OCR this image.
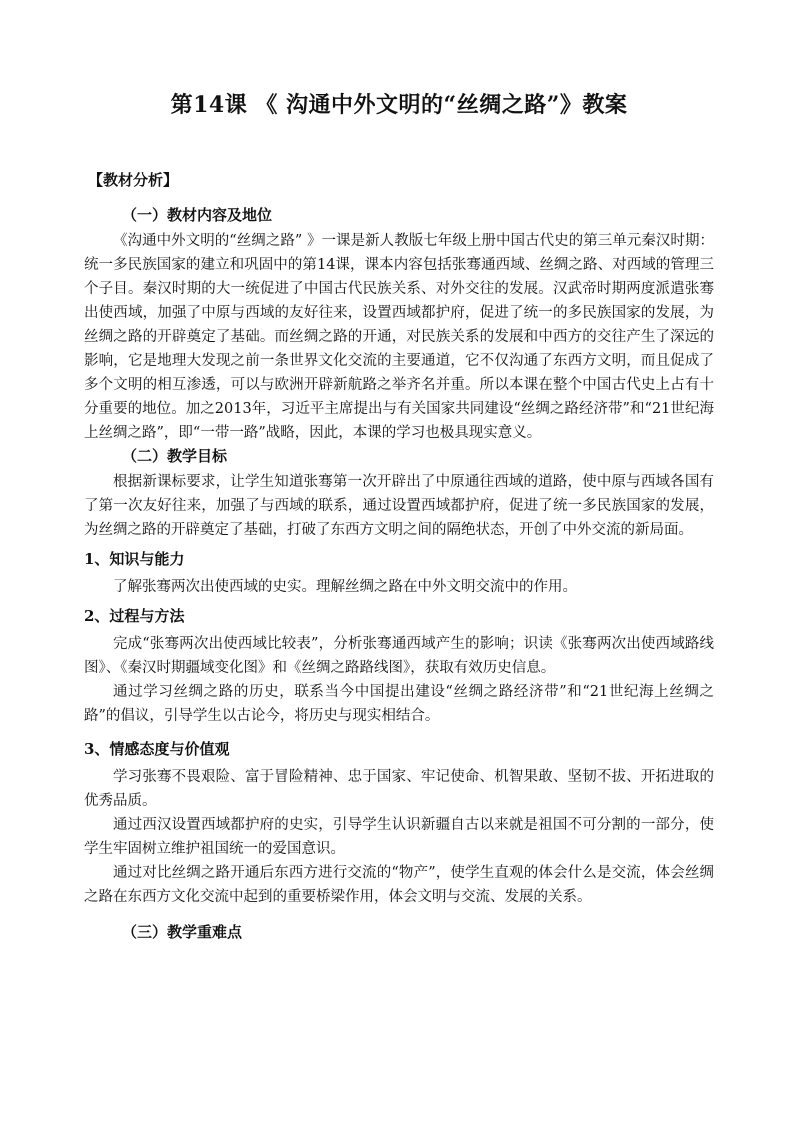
第14课 《 沟通中外文明的“丝绸之路”》教案
【教材分析】
（一）教材内容及地位

《沟通中外文明的“丝绸之路” 》一课是新人教版七年级上册中国古代史的第三单元秦汉时期：统一多民族国家的建立和巩固中的第14课，课本内容包括张骞通西域、丝绸之路、对西域的管理三个子目。秦汉时期的大一统促进了中国古代民族关系、对外交往的发展。汉武帝时期两度派遣张骞出使西域，加强了中原与西域的友好往来，设置西域都护府，促进了统一的多民族国家的发展，为丝绸之路的开辟奠定了基础。而丝绸之路的开通，对民族关系的发展和中西方的交往产生了深远的影响，它是地理大发现之前一条世界文化交流的主要通道，它不仅沟通了东西方文明，而且促成了多个文明的相互渗透，可以与欧洲开辟新航路之举齐名并重。所以本课在整个中国古代史上占有十分重要的地位。加之2013年，习近平主席提出与有关国家共同建设“丝绸之路经济带”和“21世纪海上丝绸之路”，即“一带一路”战略，因此，本课的学习也极具现实意义。

（二）教学目标

根据新课标要求，让学生知道张骞第一次开辟出了中原通往西域的道路，使中原与西域各国有了第一次友好往来，加强了与西域的联系，通过设置西域都护府，促进了统一多民族国家的发展，为丝绸之路的开辟奠定了基础，打破了东西方文明之间的隔绝状态，开创了中外交流的新局面。

1、知识与能力

了解张骞两次出使西域的史实。理解丝绸之路在中外文明交流中的作用。

2、过程与方法

完成“张骞两次出使西域比较表”，分析张骞通西域产生的影响；识读《张骞两次出使西域路线图》、《秦汉时期疆域变化图》和《丝绸之路路线图》，获取有效历史信息。

通过学习丝绸之路的历史，联系当今中国提出建设“丝绸之路经济带”和“21世纪海上丝绸之路”的倡议，引导学生以古论今，将历史与现实相结合。

3、情感态度与价值观

学习张骞不畏艰险、富于冒险精神、忠于国家、牢记使命、机智果敢、坚韧不拔、开拓进取的优秀品质。

通过西汉设置西域都护府的史实，引导学生认识新疆自古以来就是祖国不可分割的一部分，使学生牢固树立维护祖国统一的爱国意识。

通过对比丝绸之路开通后东西方进行交流的“物产”，使学生直观的体会什么是交流，体会丝绸之路在东西方文化交流中起到的重要桥梁作用，体会文明与交流、发展的关系。

（三）教学重难点
